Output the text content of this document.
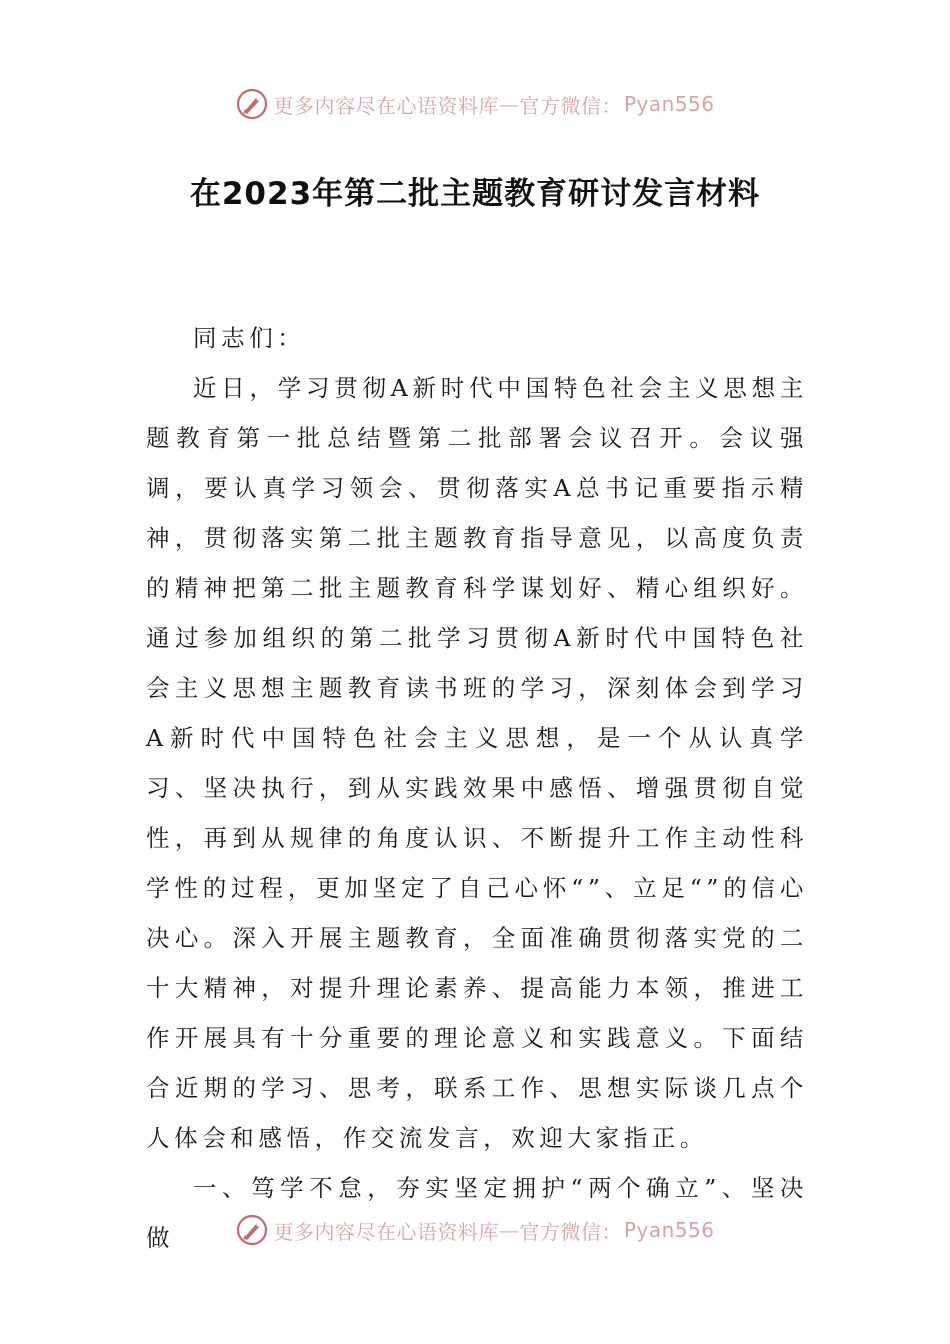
更多内容尽在心语资料库 — 官方微信： Pyan556
在2023年第二批主题教育研讨发言材料

同志们：

近日，学习贯彻A新时代中国特色社会主义思想主题教育第一批总结暨第二批部署会议召开。会议强调，要认真学习领会、贯彻落实A总书记重要指示精神，贯彻落实第二批主题教育指导意见，以高度负责的精神把第二批主题教育科学谋划好、精心组织好。通过参加组织的第二批学习贯彻A新时代中国特色社会主义思想主题教育读书班的学习，深刻体会到学习A新时代中国特色社会主义思想，是一个从认真学习、坚决执行，到从实践效果中感悟、增强贯彻自觉性，再到从规律的角度认识、不断提升工作主动性科学性的过程，更加坚定了自己心怀“”、立足“”的信心决心。深入开展主题教育，全面准确贯彻落实党的二十大精神，对提升理论素养、提高能力本领，推进工作开展具有十分重要的理论意义和实践意义。下面结合近期的学习、思考，联系工作、思想实际谈几点个人体会和感悟，作交流发言，欢迎大家指正。

一、笃学不怠，夯实坚定拥护“两个确立”、坚决做	更多内容尽在心语资料库 — 官方微信： Pyan556
